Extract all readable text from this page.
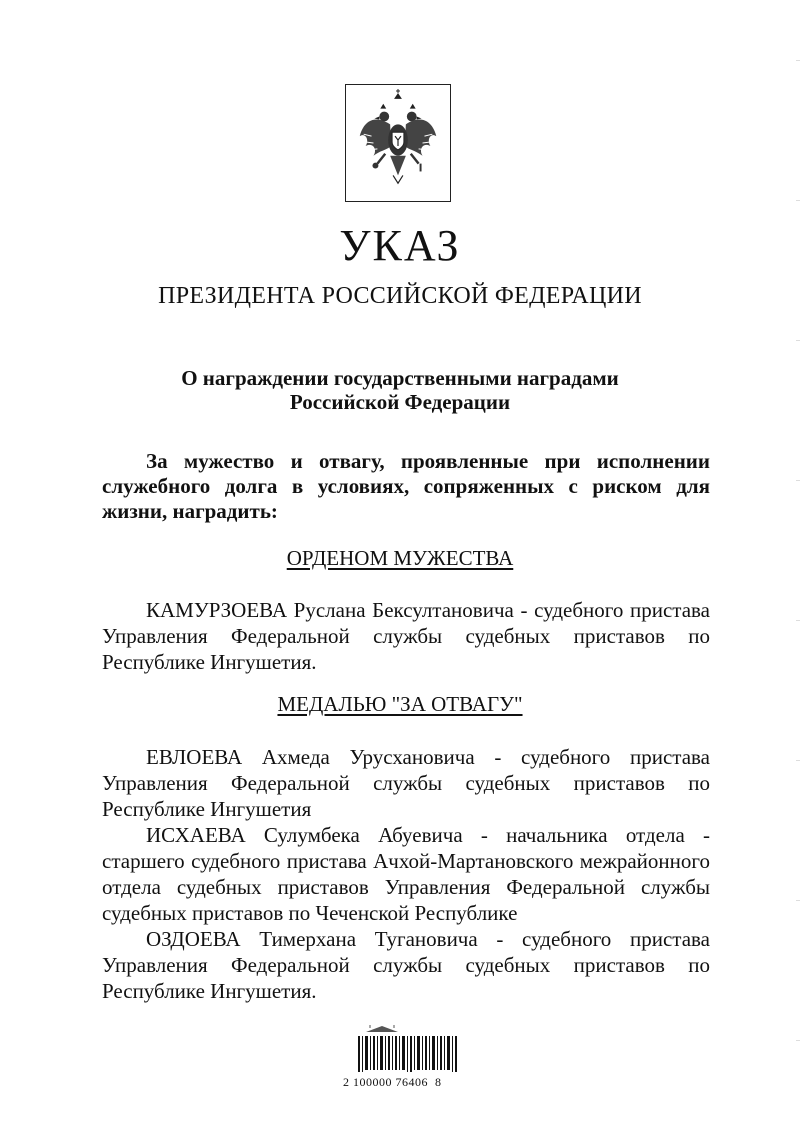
УКАЗ
ПРЕЗИДЕНТА РОССИЙСКОЙ ФЕДЕРАЦИИ
О награждении государственными наградами
Российской Федерации
За мужество и отвагу, проявленные при исполнении служебного долга в условиях, сопряженных с риском для жизни, наградить:
ОРДЕНОМ МУЖЕСТВА
КАМУРЗОЕВА Руслана Бексултановича - судебного пристава Управления Федеральной службы судебных приставов по Республике Ингушетия.
МЕДАЛЬЮ "ЗА ОТВАГУ"
ЕВЛОЕВА Ахмеда Урусхановича - судебного пристава Управления Федеральной службы судебных приставов по Республике Ингушетия
ИСХАЕВА Сулумбека Абуевича - начальника отдела - старшего судебного пристава Ачхой-Мартановского межрайонного отдела судебных приставов Управления Федеральной службы судебных приставов по Чеченской Республике
ОЗДОЕВА Тимерхана Тугановича - судебного пристава Управления Федеральной службы судебных приставов по Республике Ингушетия.
2 100000 76406  8
